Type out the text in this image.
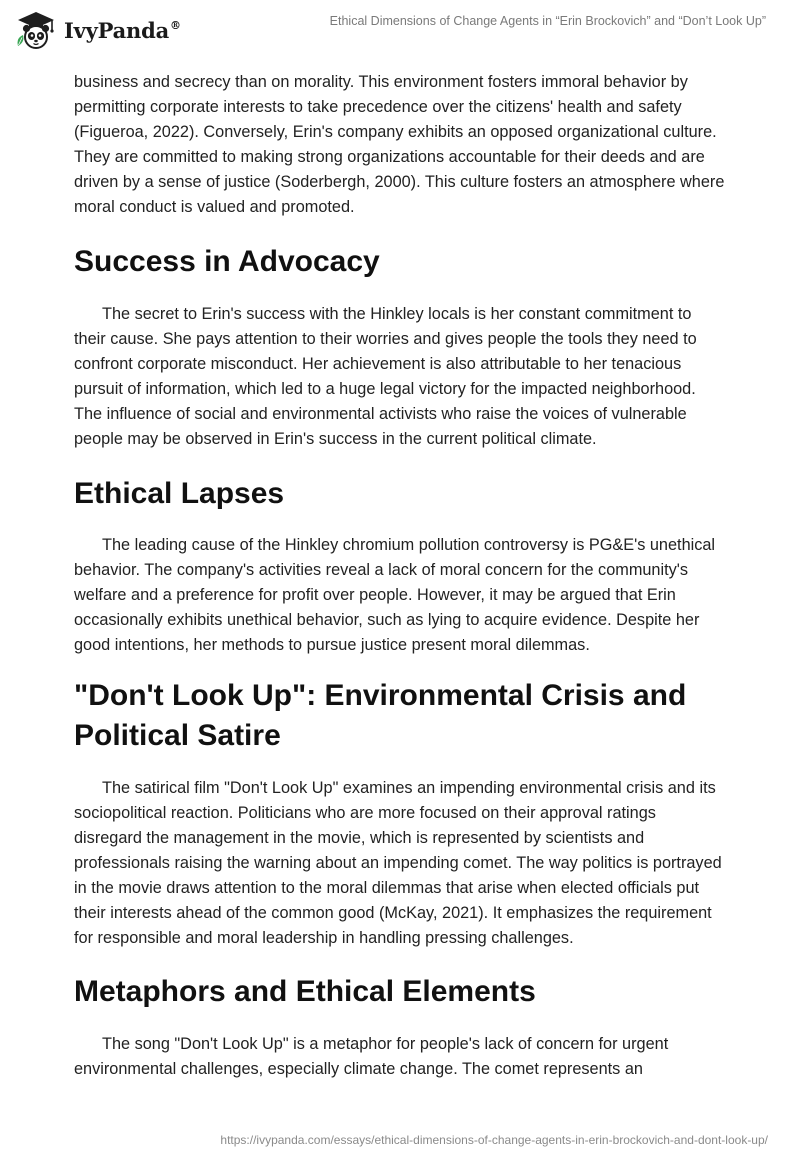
IvyPanda®	Ethical Dimensions of Change Agents in “Erin Brockovich” and “Don’t Look Up”

business and secrecy than on morality. This environment fosters immoral behavior by permitting corporate interests to take precedence over the citizens' health and safety (Figueroa, 2022). Conversely, Erin's company exhibits an opposed organizational culture. They are committed to making strong organizations accountable for their deeds and are driven by a sense of justice (Soderbergh, 2000). This culture fosters an atmosphere where moral conduct is valued and promoted.

Success in Advocacy

The secret to Erin's success with the Hinkley locals is her constant commitment to their cause. She pays attention to their worries and gives people the tools they need to confront corporate misconduct. Her achievement is also attributable to her tenacious pursuit of information, which led to a huge legal victory for the impacted neighborhood. The influence of social and environmental activists who raise the voices of vulnerable people may be observed in Erin's success in the current political climate.

Ethical Lapses

The leading cause of the Hinkley chromium pollution controversy is PG&E's unethical behavior. The company's activities reveal a lack of moral concern for the community's welfare and a preference for profit over people. However, it may be argued that Erin occasionally exhibits unethical behavior, such as lying to acquire evidence. Despite her good intentions, her methods to pursue justice present moral dilemmas.

"Don't Look Up": Environmental Crisis and Political Satire

The satirical film "Don't Look Up" examines an impending environmental crisis and its sociopolitical reaction. Politicians who are more focused on their approval ratings disregard the management in the movie, which is represented by scientists and professionals raising the warning about an impending comet. The way politics is portrayed in the movie draws attention to the moral dilemmas that arise when elected officials put their interests ahead of the common good (McKay, 2021). It emphasizes the requirement for responsible and moral leadership in handling pressing challenges.

Metaphors and Ethical Elements

The song "Don't Look Up" is a metaphor for people's lack of concern for urgent environmental challenges, especially climate change. The comet represents an

https://ivypanda.com/essays/ethical-dimensions-of-change-agents-in-erin-brockovich-and-dont-look-up/
